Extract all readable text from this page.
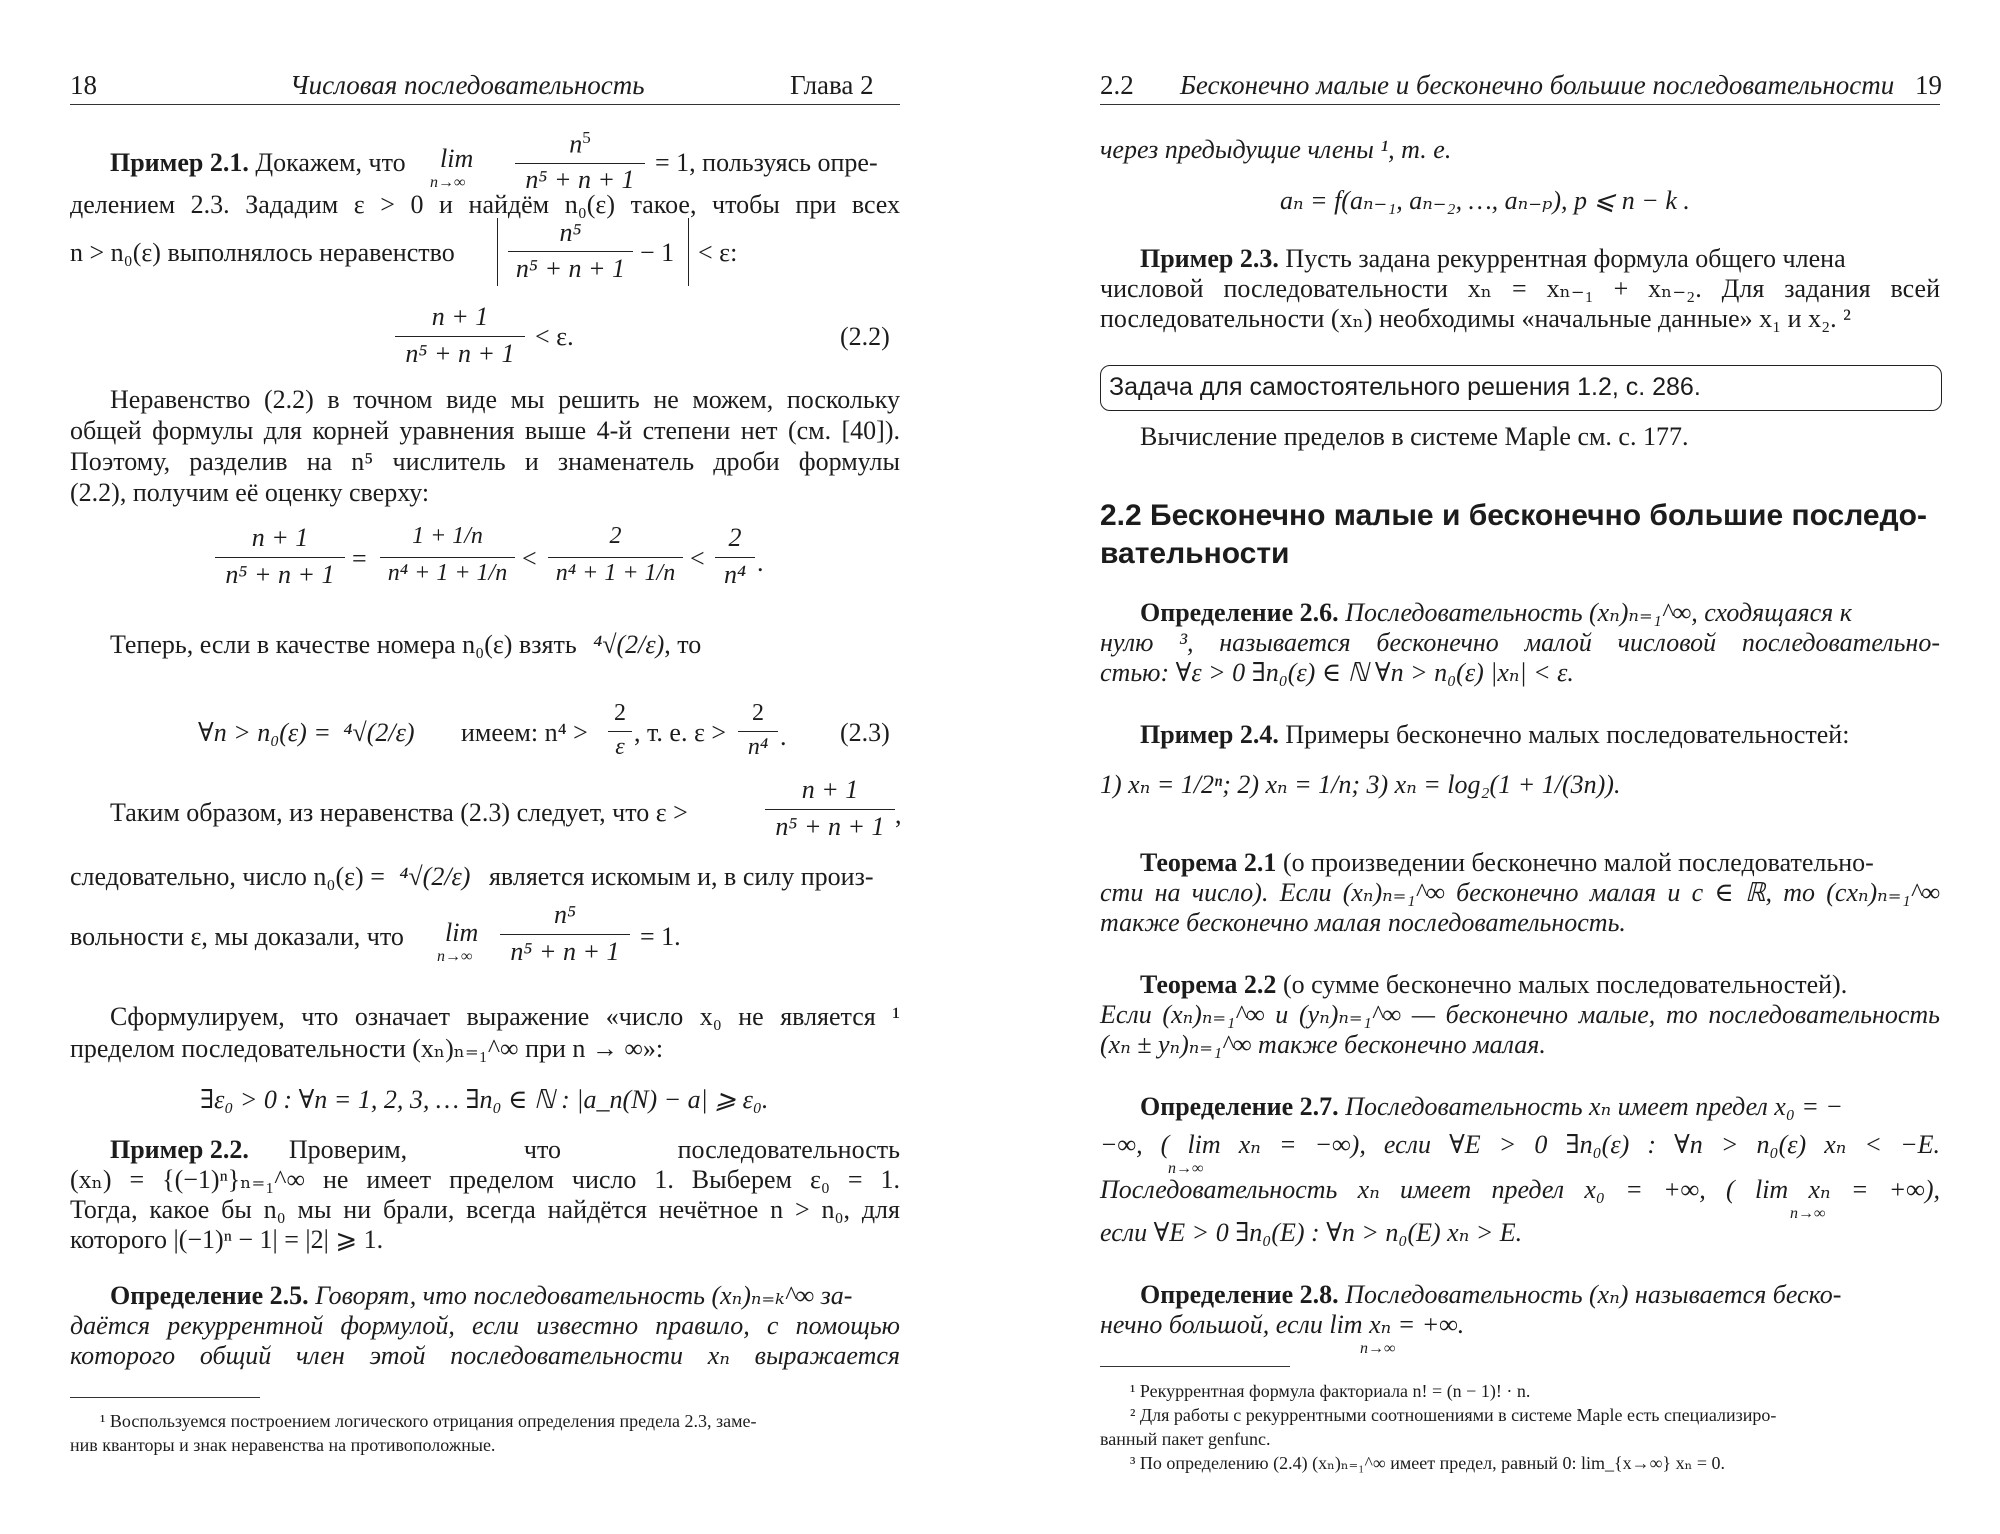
18	Числовая последовательность	Глава 2
Пример 2.1. Докажем, что lim
n→∞
$n^5$
n⁵ + n + 1
= 1, пользуясь опре-
делением 2.3. Зададим ε > 0 и найдём n₀(ε) такое, чтобы при всех
n > n₀(ε) выполнялось неравенство
n⁵
n⁵ + n + 1
− 1 < ε:
n + 1
n⁵ + n + 1
< ε.	(2.2)
Неравенство (2.2) в точном виде мы решить не можем, поскольку
общей формулы для корней уравнения выше 4-й степени нет (см. [40]).
Поэтому, разделив на n⁵ числитель и знаменатель дроби формулы
(2.2), получим её оценку сверху:
n + 1
n⁵ + n + 1
=
1 + 1/n
n⁴ + 1 + 1/n <
2
n⁴ + 1 + 1/n <
2
n⁴ .
Теперь, если в качестве номера n₀(ε) взять ⁴√(2/ε), то
∀n > n₀(ε) = ⁴√(2/ε) имеем: n⁴ >
2
ε , т. е. ε >
2
n⁴ . (2.3)
Таким образом, из неравенства (2.3) следует, что ε >
n + 1
n⁵ + n + 1 ,
следовательно, число n₀(ε) = ⁴√(2/ε) является искомым и, в силу произ-
вольности ε, мы доказали, что lim
n→∞
n⁵
n⁵ + n + 1
= 1.
Сформулируем, что означает выражение «число x₀ не является ¹
пределом последовательности (xₙ)ₙ₌₁^∞ при n → ∞»:
∃ε₀ > 0 : ∀n = 1, 2, 3, … ∃n₀ ∈ ℕ : |a_n(N) − a| ⩾ ε₀.
Пример 2.2. Проверим, что последовательность
(xₙ) = {(−1)ⁿ}ₙ₌₁^∞ не имеет пределом число 1. Выберем ε₀ = 1.
Тогда, какое бы n₀ мы ни брали, всегда найдётся нечётное n > n₀, для
которого |(−1)ⁿ − 1| = |2| ⩾ 1.
Определение 2.5. Говорят, что последовательность (xₙ)ₙ₌ₖ^∞ за-
даётся рекуррентной формулой, если известно правило, с помощью
которого общий член этой последовательности xₙ выражается
¹ Воспользуемся построением логического отрицания определения предела 2.3, заме-
нив кванторы и знак неравенства на противоположные.
2.2 Бесконечно малые и бесконечно большие последовательности 19
через предыдущие члены ¹, т. е.
aₙ = f(aₙ₋₁, aₙ₋₂, …, aₙ₋ₚ), p ⩽ n − k .
Пример 2.3. Пусть задана рекуррентная формула общего члена
числовой последовательности xₙ = xₙ₋₁ + xₙ₋₂. Для задания всей
последовательности (xₙ) необходимы «начальные данные» x₁ и x₂. ²
Задача для самостоятельного решения 1.2, с. 286.
Вычисление пределов в системе Maple см. с. 177.
2.2 Бесконечно малые и бесконечно большие последо-
вательности
Определение 2.6. Последовательность (xₙ)ₙ₌₁^∞, сходящаяся к
нулю ³, называется бесконечно малой числовой последовательно-
стью: ∀ε > 0 ∃n₀(ε) ∈ ℕ ∀n > n₀(ε) |xₙ| < ε.
Пример 2.4. Примеры бесконечно малых последовательностей:
1) xₙ = 1/2ⁿ; 2) xₙ = 1/n; 3) xₙ = log₂(1 + 1/(3n)).
Теорема 2.1 (о произведении бесконечно малой последовательно-
сти на число). Если (xₙ)ₙ₌₁^∞ бесконечно малая и c ∈ ℝ, то (cxₙ)ₙ₌₁^∞
также бесконечно малая последовательность.
Теорема 2.2 (о сумме бесконечно малых последовательностей).
Если (xₙ)ₙ₌₁^∞ и (yₙ)ₙ₌₁^∞ — бесконечно малые, то последовательность
(xₙ ± yₙ)ₙ₌₁^∞ также бесконечно малая.
Определение 2.7. Последовательность xₙ имеет предел x₀ = −
−∞, ( lim xₙ = −∞), если ∀E > 0 ∃n₀(ε) : ∀n > n₀(ε) xₙ < −E.
n→∞
Последовательность xₙ имеет предел x₀ = +∞, ( lim xₙ = +∞),
n→∞
если ∀E > 0 ∃n₀(E) : ∀n > n₀(E) xₙ > E.
Определение 2.8. Последовательность (xₙ) называется беско-
нечно большой, если lim xₙ = +∞.
n→∞
¹ Рекуррентная формула факториала n! = (n − 1)! · n.
² Для работы с рекуррентными соотношениями в системе Maple есть специализиро-
ванный пакет genfunc.
³ По определению (2.4) (xₙ)ₙ₌₁^∞ имеет предел, равный 0: lim_{x→∞} xₙ = 0.
